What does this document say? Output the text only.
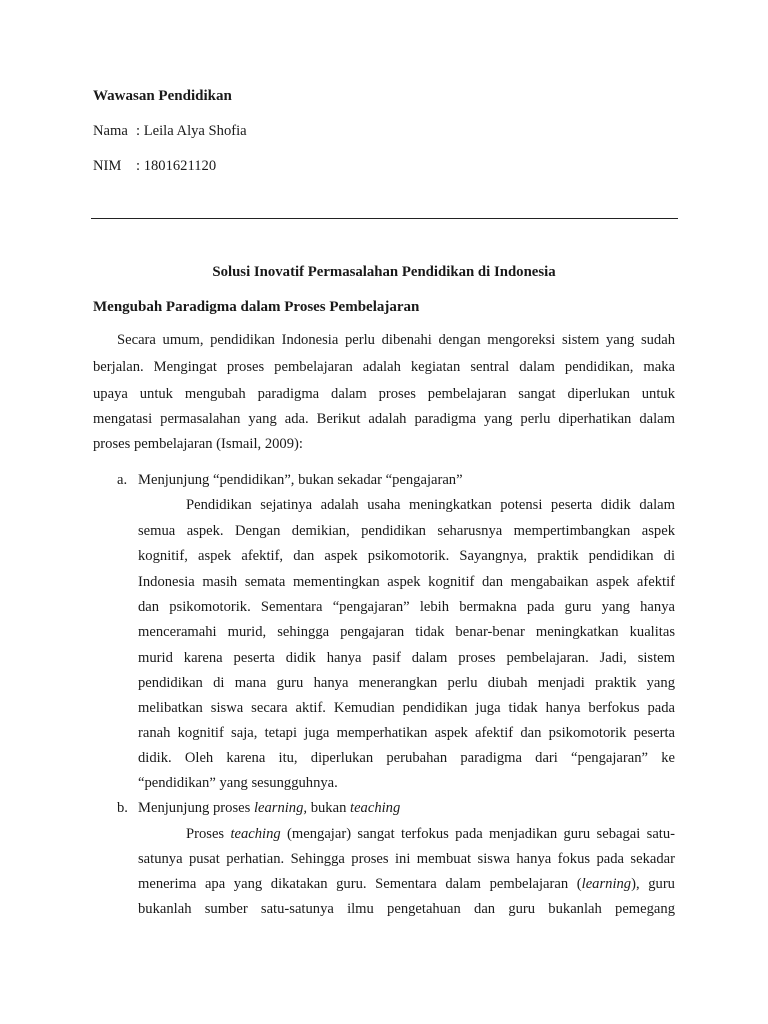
Wawasan Pendidikan
Nama : Leila Alya Shofia
NIM : 1801621120
Solusi Inovatif Permasalahan Pendidikan di Indonesia
Mengubah Paradigma dalam Proses Pembelajaran
Secara umum, pendidikan Indonesia perlu dibenahi dengan mengoreksi sistem yang sudah
berjalan. Mengingat proses pembelajaran adalah kegiatan sentral dalam pendidikan, maka
upaya untuk mengubah paradigma dalam proses pembelajaran sangat diperlukan untuk
mengatasi permasalahan yang ada. Berikut adalah paradigma yang perlu diperhatikan dalam
proses pembelajaran (Ismail, 2009):
a. Menjunjung “pendidikan”, bukan sekadar “pengajaran”
Pendidikan sejatinya adalah usaha meningkatkan potensi peserta didik dalam
semua aspek. Dengan demikian, pendidikan seharusnya mempertimbangkan aspek
kognitif, aspek afektif, dan aspek psikomotorik. Sayangnya, praktik pendidikan di
Indonesia masih semata mementingkan aspek kognitif dan mengabaikan aspek afektif
dan psikomotorik. Sementara “pengajaran” lebih bermakna pada guru yang hanya
menceramahi murid, sehingga pengajaran tidak benar-benar meningkatkan kualitas
murid karena peserta didik hanya pasif dalam proses pembelajaran. Jadi, sistem
pendidikan di mana guru hanya menerangkan perlu diubah menjadi praktik yang
melibatkan siswa secara aktif. Kemudian pendidikan juga tidak hanya berfokus pada
ranah kognitif saja, tetapi juga memperhatikan aspek afektif dan psikomotorik peserta
didik. Oleh karena itu, diperlukan perubahan paradigma dari “pengajaran” ke
“pendidikan” yang sesungguhnya.
b. Menjunjung proses learning, bukan teaching
Proses teaching (mengajar) sangat terfokus pada menjadikan guru sebagai satu-
satunya pusat perhatian. Sehingga proses ini membuat siswa hanya fokus pada sekadar
menerima apa yang dikatakan guru. Sementara dalam pembelajaran (learning), guru
bukanlah sumber satu-satunya ilmu pengetahuan dan guru bukanlah pemegang
